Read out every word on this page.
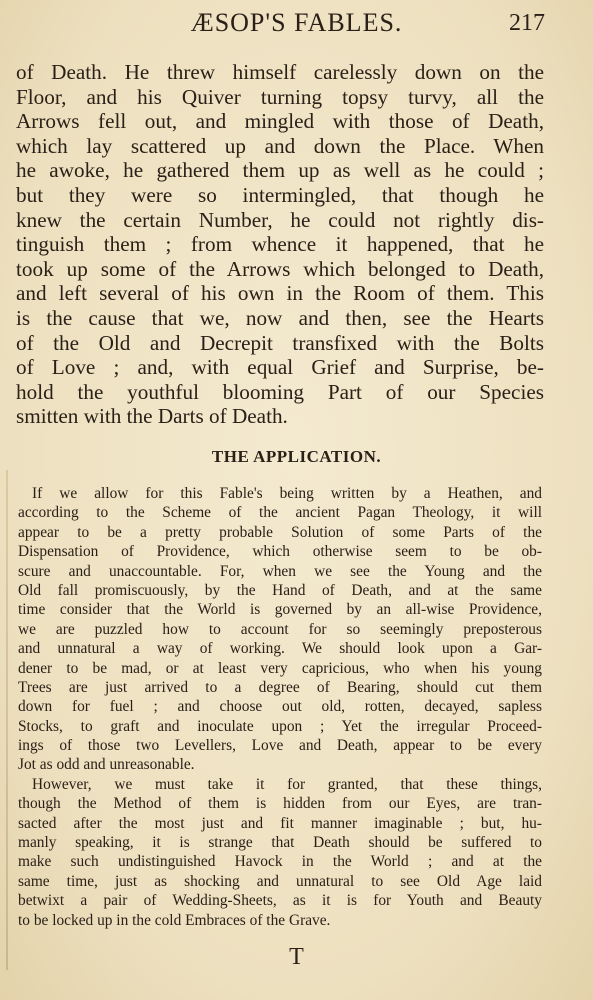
ÆSOP'S FABLES.	217
of Death. He threw himself carelessly down on the
Floor, and his Quiver turning topsy turvy, all the
Arrows fell out, and mingled with those of Death,
which lay scattered up and down the Place. When
he awoke, he gathered them up as well as he could ;
but they were so intermingled, that though he
knew the certain Number, he could not rightly dis-
tinguish them ; from whence it happened, that he
took up some of the Arrows which belonged to Death,
and left several of his own in the Room of them. This
is the cause that we, now and then, see the Hearts
of the Old and Decrepit transfixed with the Bolts
of Love ; and, with equal Grief and Surprise, be-
hold the youthful blooming Part of our Species
smitten with the Darts of Death.
THE APPLICATION.
If we allow for this Fable's being written by a Heathen, and
according to the Scheme of the ancient Pagan Theology, it will
appear to be a pretty probable Solution of some Parts of the
Dispensation of Providence, which otherwise seem to be ob-
scure and unaccountable. For, when we see the Young and the
Old fall promiscuously, by the Hand of Death, and at the same
time consider that the World is governed by an all-wise Providence,
we are puzzled how to account for so seemingly preposterous
and unnatural a way of working. We should look upon a Gar-
dener to be mad, or at least very capricious, who when his young
Trees are just arrived to a degree of Bearing, should cut them
down for fuel ; and choose out old, rotten, decayed, sapless
Stocks, to graft and inoculate upon ; Yet the irregular Proceed-
ings of those two Levellers, Love and Death, appear to be every
Jot as odd and unreasonable.
However, we must take it for granted, that these things,
though the Method of them is hidden from our Eyes, are tran-
sacted after the most just and fit manner imaginable ; but, hu-
manly speaking, it is strange that Death should be suffered to
make such undistinguished Havock in the World ; and at the
same time, just as shocking and unnatural to see Old Age laid
betwixt a pair of Wedding-Sheets, as it is for Youth and Beauty
to be locked up in the cold Embraces of the Grave.
T
